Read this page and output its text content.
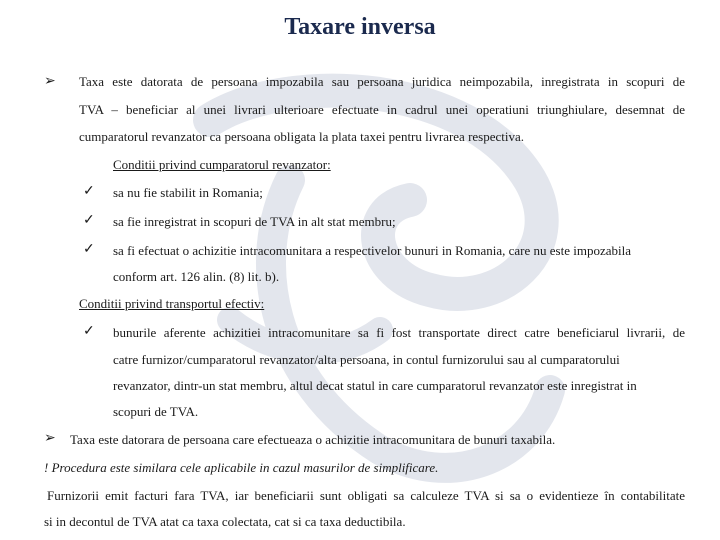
Taxare inversa
➢ Taxa este datorata de persoana impozabila sau persoana juridica neimpozabila, inregistrata in scopuri de
TVA – beneficiar al unei livrari ulterioare efectuate in cadrul unei operatiuni triunghiulare, desemnat de
cumparatorul revanzator ca persoana obligata la plata taxei pentru livrarea respectiva.
Conditii privind cumparatorul revanzator:
✓ sa nu fie stabilit in Romania;
✓ sa fie inregistrat in scopuri de TVA in alt stat membru;
✓ sa fi efectuat o achizitie intracomunitara a respectivelor bunuri in Romania, care nu este impozabila
conform art. 126 alin. (8) lit. b).
Conditii privind transportul efectiv:
✓ bunurile aferente achizitiei intracomunitare sa fi fost transportate direct catre beneficiarul livrarii, de
catre furnizor/cumparatorul revanzator/alta persoana, in contul furnizorului sau al cumparatorului
revanzator, dintr-un stat membru, altul decat statul in care cumparatorul revanzator este inregistrat in
scopuri de TVA.
➢ Taxa este datorara de persoana care efectueaza o achizitie intracomunitara de bunuri taxabila.
! Procedura este similara cele aplicabile in cazul masurilor de simplificare.
Furnizorii emit facturi fara TVA, iar beneficiarii sunt obligati sa calculeze TVA si sa o evidentieze în contabilitate
si in decontul de TVA atat ca taxa colectata, cat si ca taxa deductibila.
